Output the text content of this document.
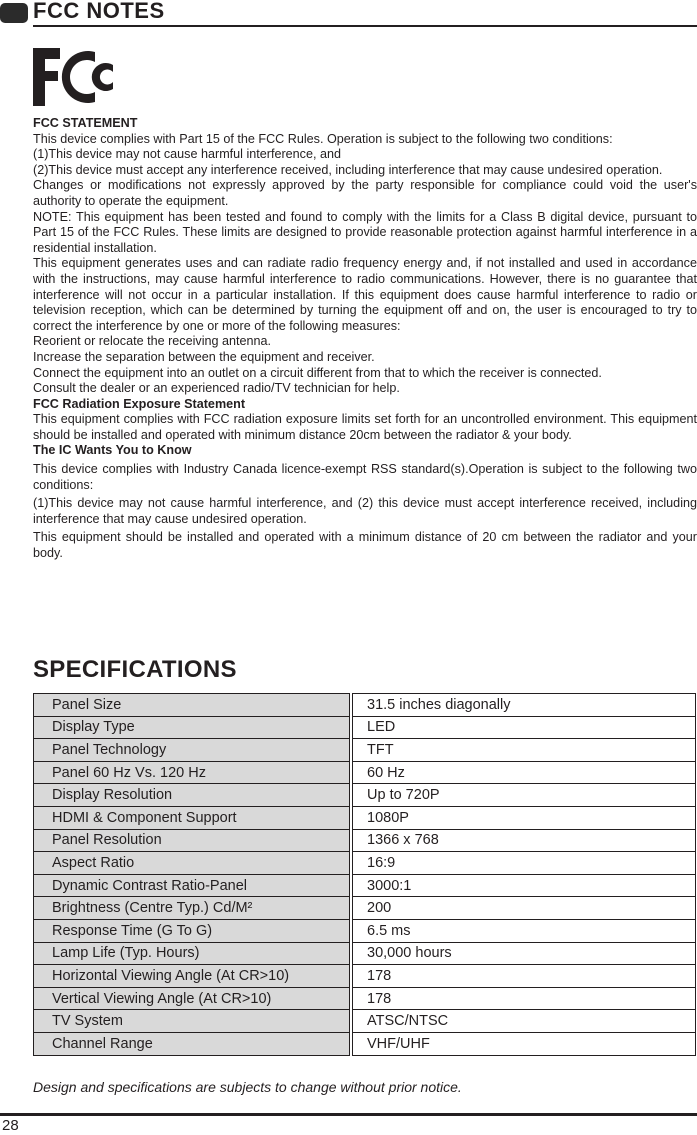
FCC NOTES

FCC STATEMENT

This device complies with Part 15 of the FCC Rules. Operation is subject to the following two conditions:

(1)This device may not cause harmful interference, and

(2)This device must accept any interference received, including interference that may cause undesired operation.

Changes or modifications not expressly approved by the party responsible for compliance could void the user's authority to operate the equipment.

NOTE: This equipment has been tested and found to comply with the limits for a Class B digital device, pursuant to Part 15 of the FCC Rules. These limits are designed to provide reasonable protection against harmful interference in a residential installation.

This equipment generates uses and can radiate radio frequency energy and, if not installed and used in accordance with the instructions, may cause harmful interference to radio communications. However, there is no guarantee that interference will not occur in a particular installation. If this equipment does cause harmful interference to radio or television reception, which can be determined by turning the equipment off and on, the user is encouraged to try to correct the interference by one or more of the following measures:

Reorient or relocate the receiving antenna.

Increase the separation between the equipment and receiver.

Connect the equipment into an outlet on a circuit different from that to which the receiver is connected.

Consult the dealer or an experienced radio/TV technician for help.

FCC Radiation Exposure Statement

This equipment complies with FCC radiation exposure limits set forth for an uncontrolled environment. This equipment should be installed and operated with minimum distance 20cm between the radiator & your body.

The IC Wants You to Know

This device complies with Industry Canada licence-exempt RSS standard(s).Operation is subject to the following two conditions:

(1)This device may not cause harmful interference, and (2) this device must accept interference received, including interference that may cause undesired operation.

This equipment should be installed and operated with a minimum distance of 20 cm between the radiator and your body.

SPECIFICATIONS
Panel Size		31.5 inches diagonally
Display Type		LED
Panel Technology		TFT
Panel 60 Hz Vs. 120 Hz		60 Hz
Display Resolution		Up to 720P
HDMI & Component Support		1080P
Panel Resolution		1366 x 768
Aspect Ratio		16:9
Dynamic Contrast Ratio-Panel		3000:1
Brightness (Centre Typ.) Cd/M²		200
Response Time (G To G)		6.5 ms
Lamp Life (Typ. Hours)		30,000 hours
Horizontal Viewing Angle (At CR>10)		178
Vertical Viewing Angle (At CR>10)		178
TV System		ATSC/NTSC
Channel Range		VHF/UHF
Design and specifications are subjects to change without prior notice.
28
